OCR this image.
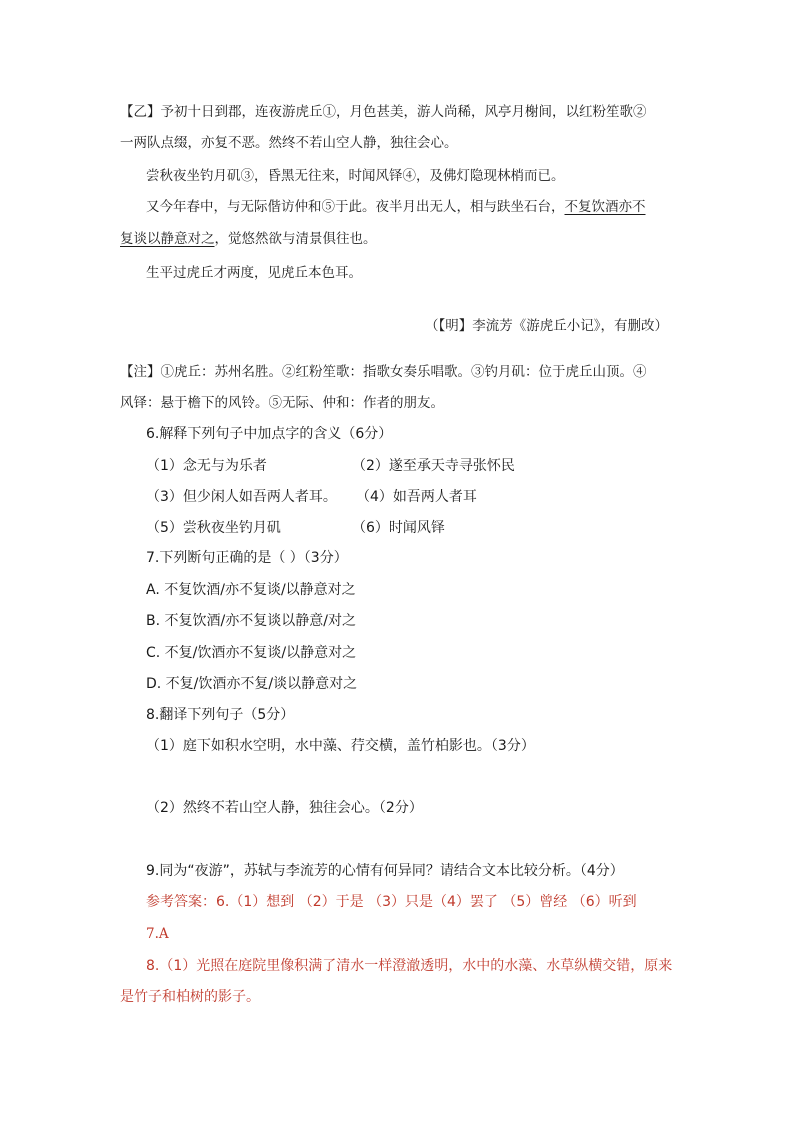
【乙】予初十日到郡，连夜游虎丘①，月色甚美，游人尚稀，风亭月榭间，以红粉笙歌②
一两队点缀，亦复不恶。然终不若山空人静，独往会心。
尝秋夜坐钓月矶③，昏黑无往来，时闻风铎④，及佛灯隐现林梢而已。
又今年春中，与无际偕访仲和⑤于此。夜半月出无人，相与趺坐石台，不复饮酒亦不
复谈以静意对之，觉悠然欲与清景俱往也。
生平过虎丘才两度，见虎丘本色耳。
（【明】李流芳《游虎丘小记》，有删改）
【注】①虎丘：苏州名胜。②红粉笙歌：指歌女奏乐唱歌。③钓月矶：位于虎丘山顶。④
风铎：悬于檐下的风铃。⑤无际、仲和：作者的朋友。
6.解释下列句子中加点字的含义（6分）
（1）念无与为乐者	（2）遂至承天寺寻张怀民
（3）但少闲人如吾两人者耳。 （4）如吾两人者耳
（5）尝秋夜坐钓月矶	（6）时闻风铎
7.下列断句正确的是（ ）（3分）
A. 不复饮酒/亦不复谈/以静意对之
B. 不复饮酒/亦不复谈以静意/对之
C. 不复/饮酒亦不复谈/以静意对之
D. 不复/饮酒亦不复/谈以静意对之
8.翻译下列句子（5分）
（1）庭下如积水空明，水中藻、荇交横，盖竹柏影也。（3分）
（2）然终不若山空人静，独往会心。（2分）
9.同为“夜游”，苏轼与李流芳的心情有何异同？请结合文本比较分析。（4分）
参考答案：6.（1）想到 （2）于是 （3）只是（4）罢了 （5）曾经 （6）听到
7.A
8.（1）光照在庭院里像积满了清水一样澄澈透明，水中的水藻、水草纵横交错，原来
是竹子和柏树的影子。
